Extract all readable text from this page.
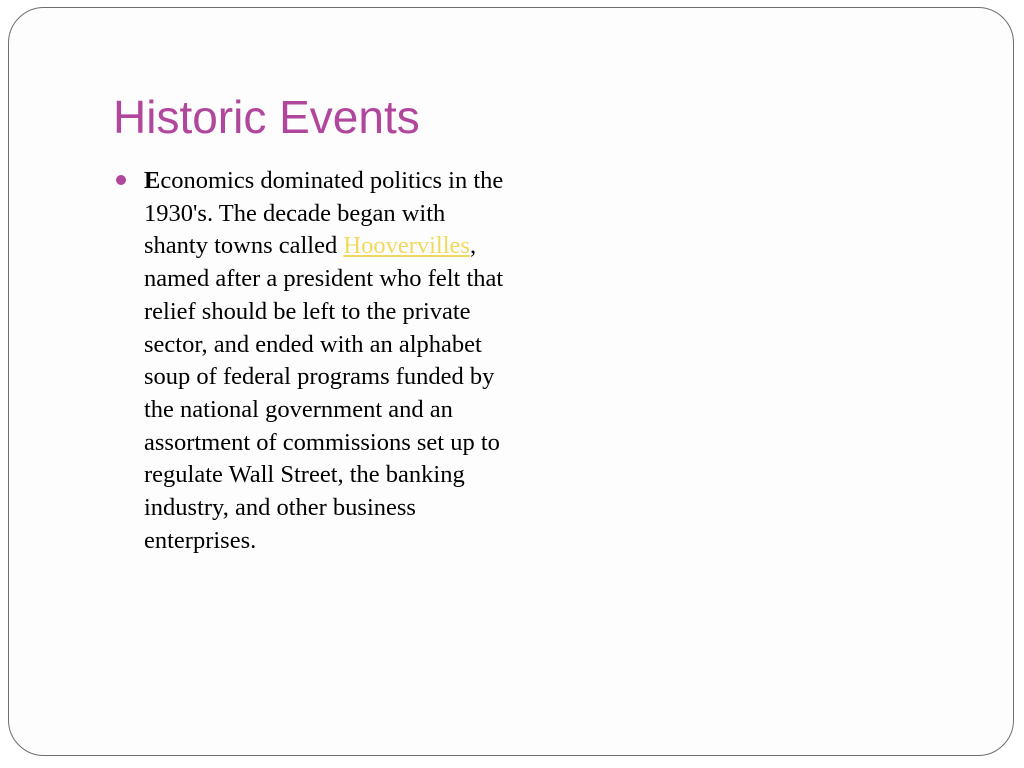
Historic Events

Economics dominated politics in the 1930's. The decade began with shanty towns called Hoovervilles, named after a president who felt that relief should be left to the private sector, and ended with an alphabet soup of federal programs funded by the national government and an assortment of commissions set up to regulate Wall Street, the banking industry, and other business enterprises.
